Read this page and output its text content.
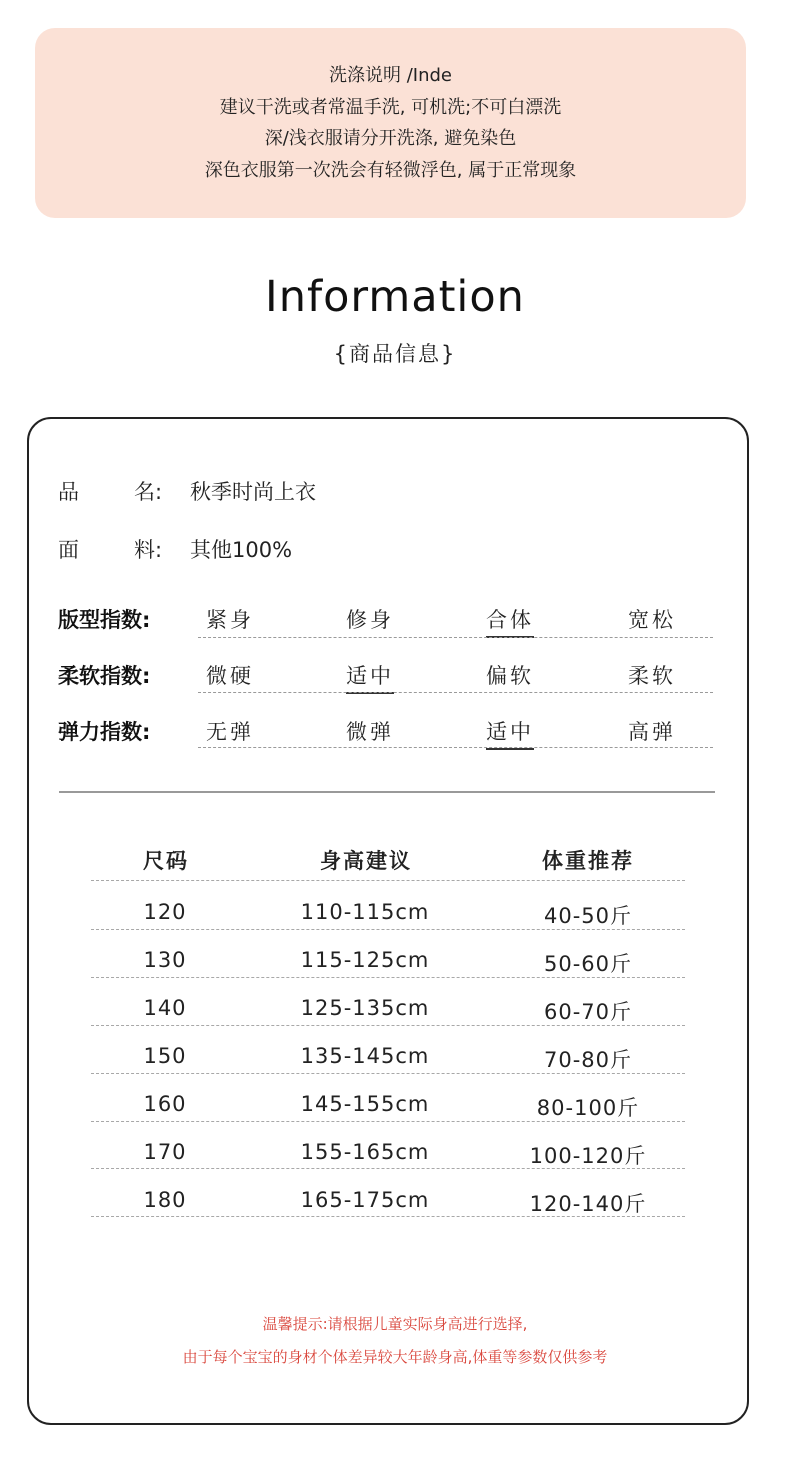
洗涤说明 /Inde
建议干洗或者常温手洗, 可机洗;不可白漂洗
深/浅衣服请分开洗涤, 避免染色
深色衣服第一次洗会有轻微浮色, 属于正常现象
Information
{商品信息}
品	名: 秋季时尚上衣
面	料: 其他100%
版型指数:	紧身	修身	合体	宽松
柔软指数:	微硬	适中	偏软	柔软
弹力指数:	无弹	微弹	适中	高弹
尺码	身高建议	体重推荐
120	110-115cm	40-50斤
130	115-125cm	50-60斤
140	125-135cm	60-70斤
150	135-145cm	70-80斤
160	145-155cm	80-100斤
170	155-165cm	100-120斤
180	165-175cm	120-140斤
温馨提示:请根据儿童实际身高进行选择,
由于每个宝宝的身材个体差异较大年龄身高,体重等参数仅供参考
